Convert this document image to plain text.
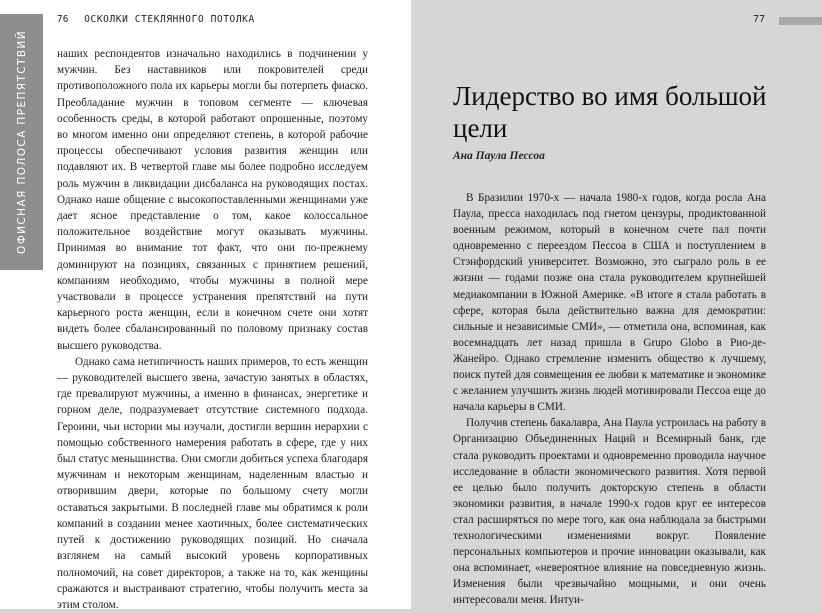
ОФИСНАЯ ПОЛОСА ПРЕПЯТСТВИЙ
76 ОСКОЛКИ СТЕКЛЯННОГО ПОТОЛКА

наших респондентов изначально находились в подчинении у мужчин. Без наставников или покровителей среди противоположного пола их карьеры могли бы потерпеть фиаско. Преобладание мужчин в топовом сегменте — ключевая особенность среды, в которой работают опрошенные, поэтому во многом именно они определяют степень, в которой рабочие процессы обеспечивают условия развития женщин или подавляют их. В четвертой главе мы более подробно исследуем роль мужчин в ликвидации дисбаланса на руководящих постах. Однако наше общение с высокопоставленными женщинами уже дает ясное представление о том, какое колоссальное положительное воздействие могут оказывать мужчины. Принимая во внимание тот факт, что они по-прежнему доминируют на позициях, связанных с принятием решений, компаниям необходимо, чтобы мужчины в полной мере участвовали в процессе устранения препятствий на пути карьерного роста женщин, если в конечном счете они хотят видеть более сбалансированный по половому признаку состав высшего руководства.

Однако сама нетипичность наших примеров, то есть женщин — руководителей высшего звена, зачастую занятых в областях, где превалируют мужчины, а именно в финансах, энергетике и горном деле, подразумевает отсутствие системного подхода. Героини, чьи истории мы изучали, достигли вершин иерархии с помощью собственного намерения работать в сфере, где у них был статус меньшинства. Они смогли добиться успеха благодаря мужчинам и некоторым женщинам, наделенным властью и отворившим двери, которые по большому счету могли оставаться закрытыми. В последней главе мы обратимся к роли компаний в создании менее хаотичных, более систематических путей к достижению руководящих позиций. Но сначала взглянем на самый высокий уровень корпоративных полномочий, на совет директоров, а также на то, как женщины сражаются и выстраивают стратегию, чтобы получить места за этим столом.

77
Лидерство во имя большой цели
Ана Паула Пессоа

В Бразилии 1970-х — начала 1980-х годов, когда росла Ана Паула, пресса находилась под гнетом цензуры, продиктованной военным режимом, который в конечном счете пал почти одновременно с переездом Пессоа в США и поступлением в Стэнфордский университет. Возможно, это сыграло роль в ее жизни — годами позже она стала руководителем крупнейшей медиакомпании в Южной Америке. «В итоге я стала работать в сфере, которая была действительно важна для демократии: сильные и независимые СМИ», — отметила она, вспоминая, как восемнадцать лет назад пришла в Grupo Globo в Рио-де-Жанейро. Однако стремление изменить общество к лучшему, поиск путей для совмещения ее любви к математике и экономике с желанием улучшить жизнь людей мотивировали Пессоа еще до начала карьеры в СМИ.

Получив степень бакалавра, Ана Паула устроилась на работу в Организацию Объединенных Наций и Всемирный банк, где стала руководить проектами и одновременно проводила научное исследование в области экономического развития. Хотя первой ее целью было получить докторскую степень в области экономики развития, в начале 1990-х годов круг ее интересов стал расширяться по мере того, как она наблюдала за быстрыми технологическими изменениями вокруг. Появление персональных компьютеров и прочие инновации оказывали, как она вспоминает, «невероятное влияние на повседневную жизнь. Изменения были чрезвычайно мощными, и они очень интересовали меня. Интуи-
